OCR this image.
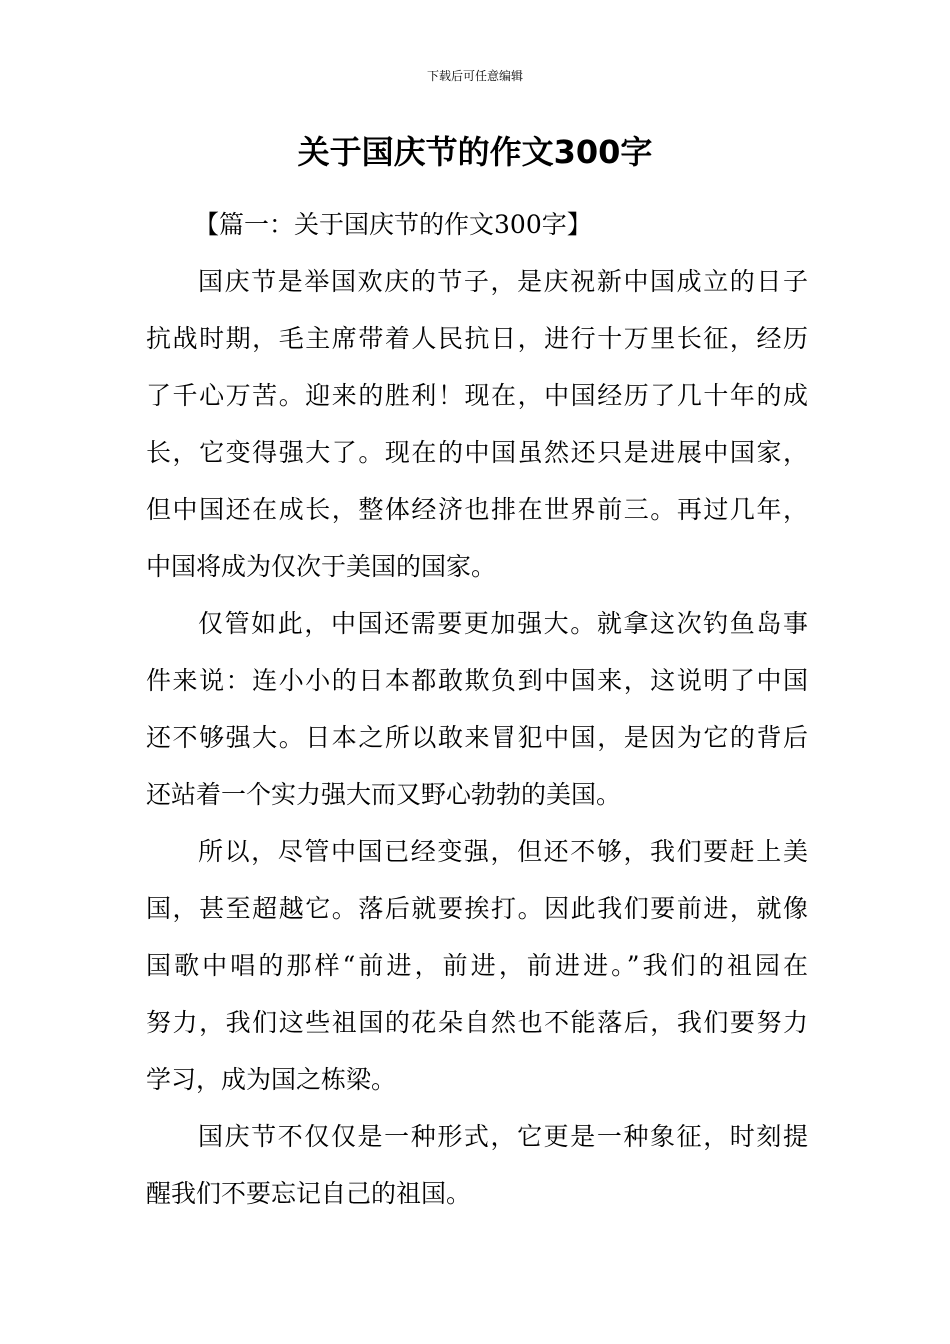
下载后可任意编辑
关于国庆节的作文300字

【篇一：关于国庆节的作文300字】

国庆节是举国欢庆的节子，是庆祝新中国成立的日子
抗战时期，毛主席带着人民抗日，进行十万里长征，经历
了千心万苦。迎来的胜利！现在，中国经历了几十年的成
长，它变得强大了。现在的中国虽然还只是进展中国家，
但中国还在成长，整体经济也排在世界前三。再过几年，
中国将成为仅次于美国的国家。

仅管如此，中国还需要更加强大。就拿这次钓鱼岛事
件来说：连小小的日本都敢欺负到中国来，这说明了中国
还不够强大。日本之所以敢来冒犯中国，是因为它的背后
还站着一个实力强大而又野心勃勃的美国。

所以，尽管中国已经变强，但还不够，我们要赶上美
国，甚至超越它。落后就要挨打。因此我们要前进，就像
国歌中唱的那样“前进，前进，前进进。”我们的祖园在
努力，我们这些祖国的花朵自然也不能落后，我们要努力
学习，成为国之栋梁。

国庆节不仅仅是一种形式，它更是一种象征，时刻提
醒我们不要忘记自己的祖国。
